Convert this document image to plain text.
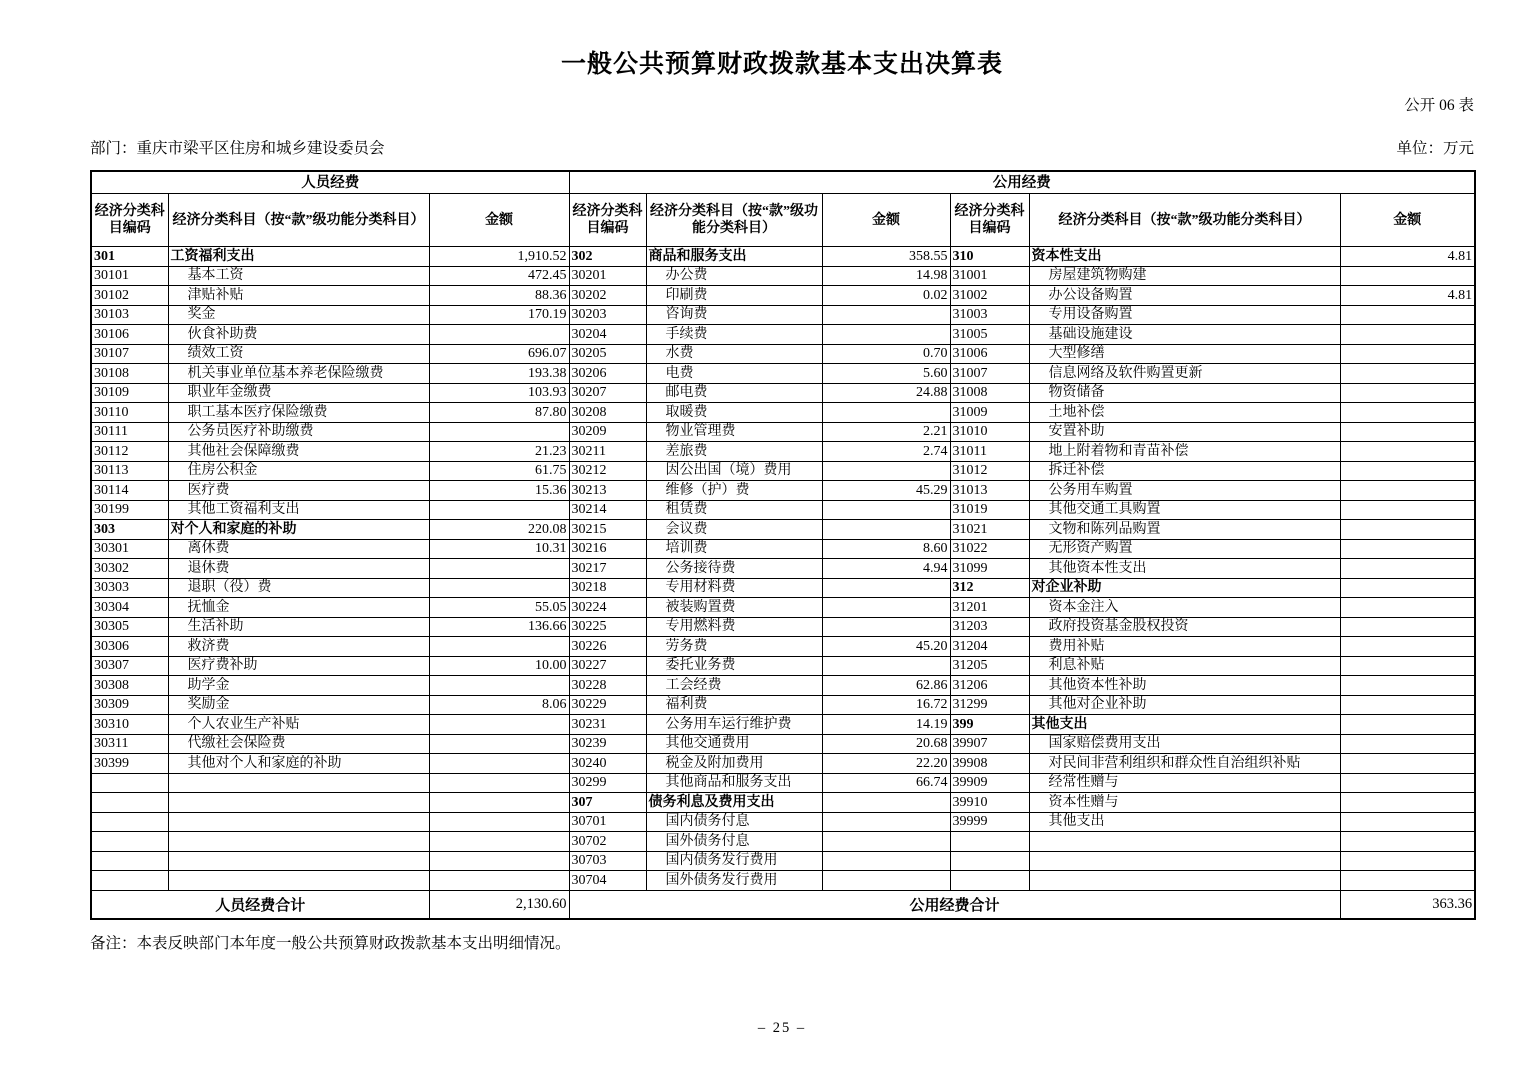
一般公共预算财政拨款基本支出决算表
公开 06 表
部门：重庆市梁平区住房和城乡建设委员会	单位：万元
人员经费			公用经费					
经济分类科目编码	经济分类科目（按“款”级功能分类科目）	金额	经济分类科目编码	经济分类科目（按“款”级功能分类科目）	金额	经济分类科目编码	经济分类科目（按“款”级功能分类科目）	金额
301	工资福利支出	1,910.52	302	商品和服务支出	358.55	310	资本性支出	4.81
30101	基本工资	472.45	30201	办公费	14.98	31001	房屋建筑物购建	
30102	津贴补贴	88.36	30202	印刷费	0.02	31002	办公设备购置	4.81
30103	奖金	170.19	30203	咨询费		31003	专用设备购置	
30106	伙食补助费		30204	手续费		31005	基础设施建设	
30107	绩效工资	696.07	30205	水费	0.70	31006	大型修缮	
30108	机关事业单位基本养老保险缴费	193.38	30206	电费	5.60	31007	信息网络及软件购置更新	
30109	职业年金缴费	103.93	30207	邮电费	24.88	31008	物资储备	
30110	职工基本医疗保险缴费	87.80	30208	取暖费		31009	土地补偿	
30111	公务员医疗补助缴费		30209	物业管理费	2.21	31010	安置补助	
30112	其他社会保障缴费	21.23	30211	差旅费	2.74	31011	地上附着物和青苗补偿	
30113	住房公积金	61.75	30212	因公出国（境）费用		31012	拆迁补偿	
30114	医疗费	15.36	30213	维修（护）费	45.29	31013	公务用车购置	
30199	其他工资福利支出		30214	租赁费		31019	其他交通工具购置	
303	对个人和家庭的补助	220.08	30215	会议费		31021	文物和陈列品购置	
30301	离休费	10.31	30216	培训费	8.60	31022	无形资产购置	
30302	退休费		30217	公务接待费	4.94	31099	其他资本性支出	
30303	退职（役）费		30218	专用材料费		312	对企业补助	
30304	抚恤金	55.05	30224	被装购置费		31201	资本金注入	
30305	生活补助	136.66	30225	专用燃料费		31203	政府投资基金股权投资	
30306	救济费		30226	劳务费	45.20	31204	费用补贴	
30307	医疗费补助	10.00	30227	委托业务费		31205	利息补贴	
30308	助学金		30228	工会经费	62.86	31206	其他资本性补助	
30309	奖励金	8.06	30229	福利费	16.72	31299	其他对企业补助	
30310	个人农业生产补贴		30231	公务用车运行维护费	14.19	399	其他支出	
30311	代缴社会保险费		30239	其他交通费用	20.68	39907	国家赔偿费用支出	
30399	其他对个人和家庭的补助		30240	税金及附加费用	22.20	39908	对民间非营利组织和群众性自治组织补贴	
			30299	其他商品和服务支出	66.74	39909	经常性赠与	
			307	债务利息及费用支出		39910	资本性赠与	
			30701	国内债务付息		39999	其他支出	
			30702	国外债务付息				
			30703	国内债务发行费用				
			30704	国外债务发行费用				
人员经费合计		2,130.60	公用经费合计					363.36
备注：本表反映部门本年度一般公共预算财政拨款基本支出明细情况。
– 25 –
